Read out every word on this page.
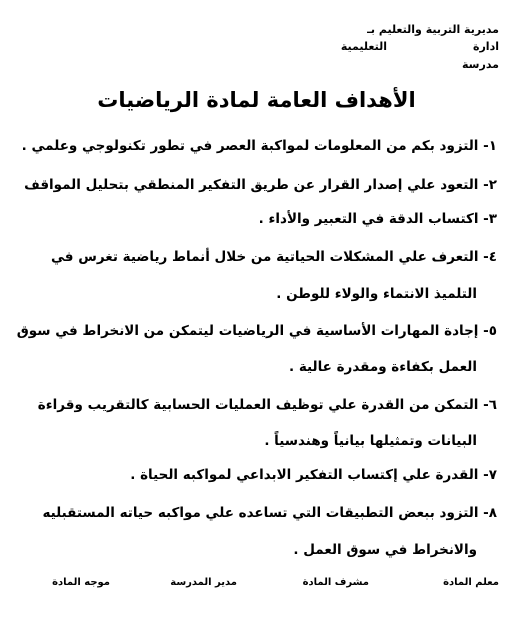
مديرية التربية والتعليم بـ
ادارة
التعليمية
مدرسة
الأهداف العامة لمادة الرياضيات
١- التزود بكم من المعلومات لمواكبة العصر في تطور تكنولوجي وعلمي .
٢- التعود علي إصدار القرار عن طريق التفكير المنطقي بتحليل المواقف
٣- اكتساب الدقة في التعبير والأداء .
٤- التعرف علي المشكلات الحياتية من خلال أنماط رياضية تغرس في
التلميذ الانتماء والولاء للوطن .
٥- إجادة المهارات الأساسية في الرياضيات ليتمكن من الانخراط في سوق
العمل بكفاءة ومقدرة عالية .
٦- التمكن من القدرة علي توظيف العمليات الحسابية كالتقريب وقراءة
البيانات وتمثيلها بيانياً وهندسياً .
٧- القدرة علي إكتساب التفكير الابداعي لمواكبه الحياة .
٨- التزود ببعض التطبيقات التي تساعده علي مواكبه حياته المستقبليه
والانخراط في سوق العمل .
معلم المادة
مشرف المادة
مدير المدرسة
موجه المادة
